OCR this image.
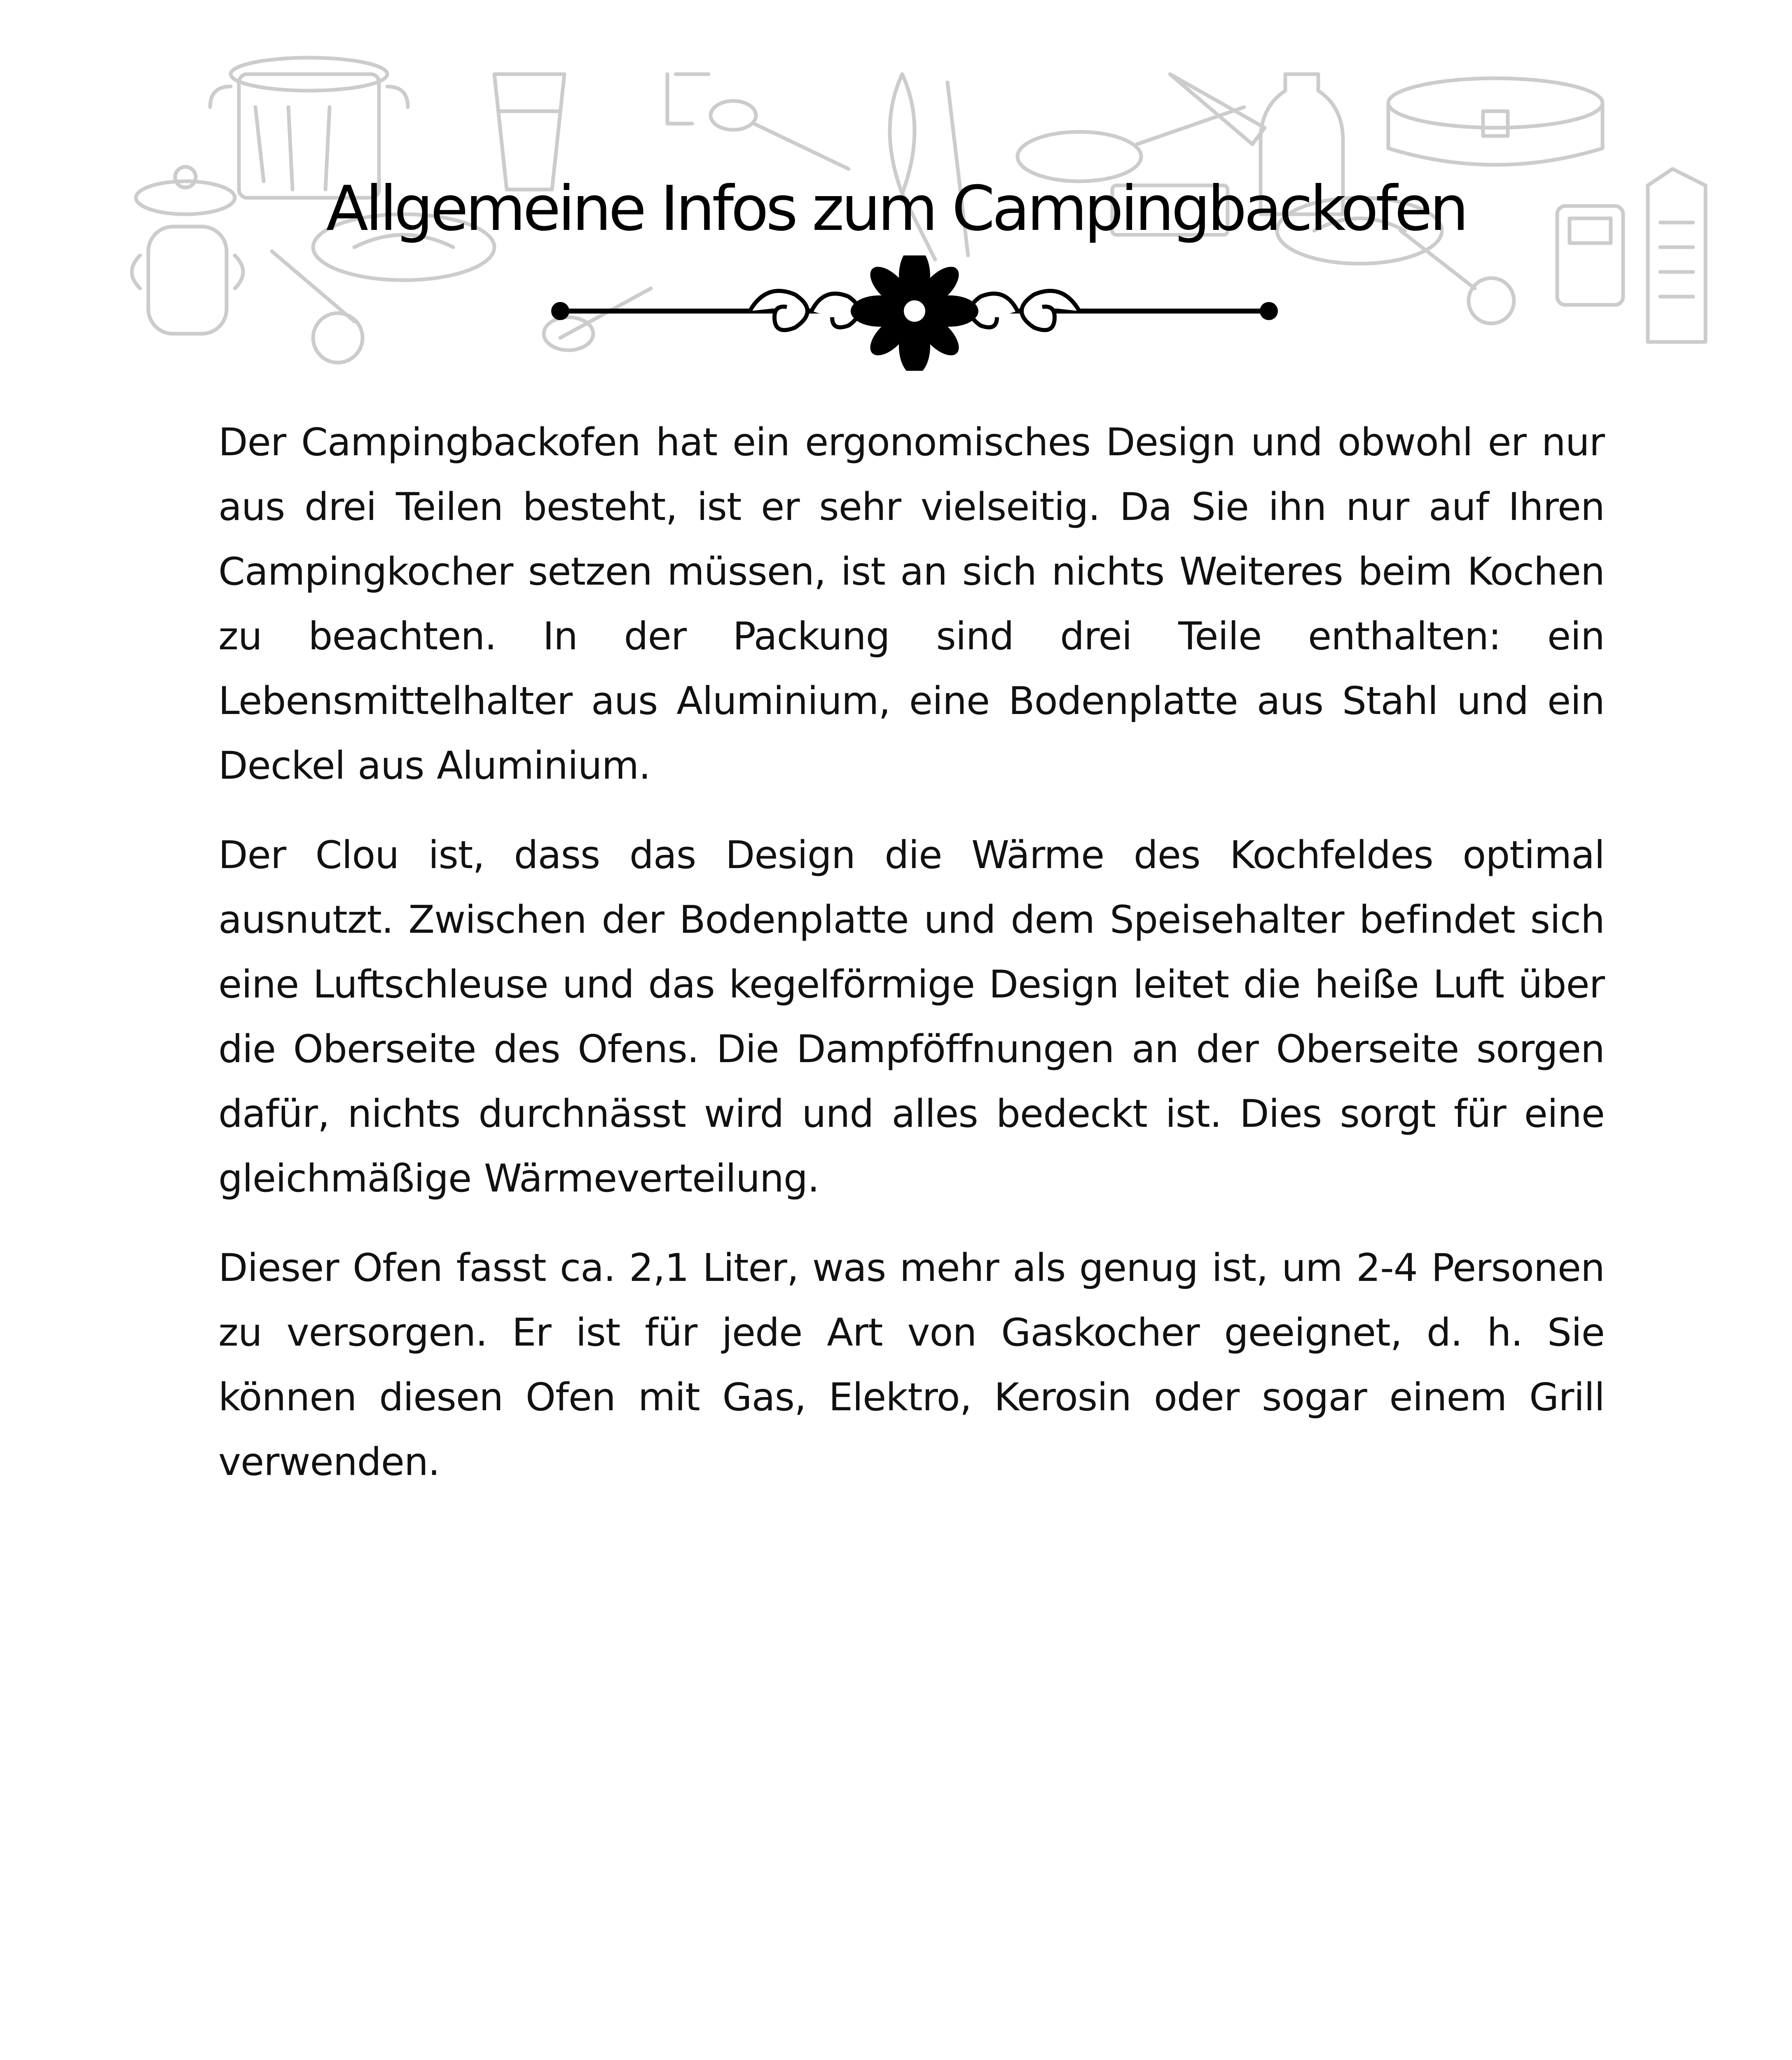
Allgemeine Infos zum Campingbackofen

Der Campingbackofen hat ein ergonomisches Design und obwohl er nur aus drei Teilen besteht, ist er sehr vielseitig. Da Sie ihn nur auf Ihren Campingkocher setzen müssen, ist an sich nichts Weiteres beim Kochen zu beachten. In der Packung sind drei Teile enthalten: ein Lebensmittelhalter aus Aluminium, eine Bodenplatte aus Stahl und ein Deckel aus Aluminium.

Der Clou ist, dass das Design die Wärme des Kochfeldes optimal ausnutzt. Zwischen der Bodenplatte und dem Speisehalter befindet sich eine Luftschleuse und das kegelförmige Design leitet die heiße Luft über die Oberseite des Ofens. Die Dampföffnungen an der Oberseite sorgen dafür, nichts durchnässt wird und alles bedeckt ist. Dies sorgt für eine gleichmäßige Wärmeverteilung.

Dieser Ofen fasst ca. 2,1 Liter, was mehr als genug ist, um 2-4 Personen zu versorgen. Er ist für jede Art von Gaskocher geeignet, d. h. Sie können diesen Ofen mit Gas, Elektro, Kerosin oder sogar einem Grill verwenden.
